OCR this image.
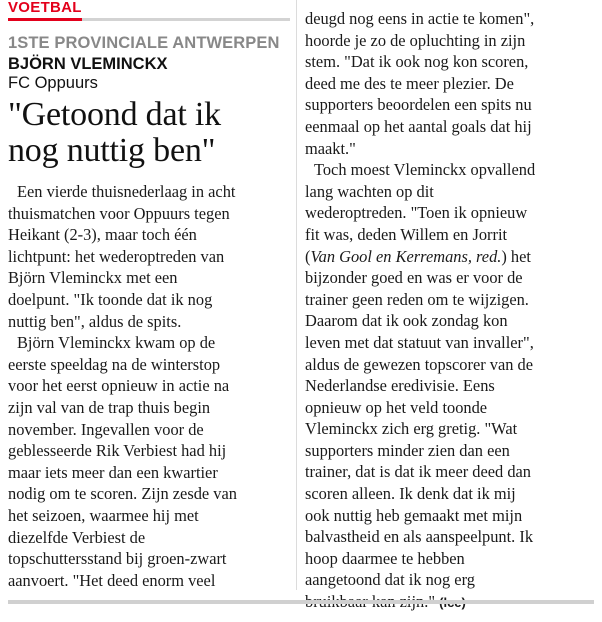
VOETBAL
1STE PROVINCIALE ANTWERPEN
BJÖRN VLEMINCKX
FC Oppuurs
"Getoond dat ik
nog nuttig ben"
Een vierde thuisnederlaag in acht
thuismatchen voor Oppuurs tegen
Heikant (2-3), maar toch één
lichtpunt: het wederoptreden van
Björn Vleminckx met een
doelpunt. "Ik toonde dat ik nog
nuttig ben", aldus de spits.
Björn Vleminckx kwam op de
eerste speeldag na de winterstop
voor het eerst opnieuw in actie na
zijn val van de trap thuis begin
november. Ingevallen voor de
geblesseerde Rik Verbiest had hij
maar iets meer dan een kwartier
nodig om te scoren. Zijn zesde van
het seizoen, waarmee hij met
diezelfde Verbiest de
topschuttersstand bij groen-zwart
aanvoert. "Het deed enorm veel
deugd nog eens in actie te komen",
hoorde je zo de opluchting in zijn
stem. "Dat ik ook nog kon scoren,
deed me des te meer plezier. De
supporters beoordelen een spits nu
eenmaal op het aantal goals dat hij
maakt."
Toch moest Vleminckx opvallend
lang wachten op dit
wederoptreden. "Toen ik opnieuw
fit was, deden Willem en Jorrit
(Van Gool en Kerremans, red.) het
bijzonder goed en was er voor de
trainer geen reden om te wijzigen.
Daarom dat ik ook zondag kon
leven met dat statuut van invaller",
aldus de gewezen topscorer van de
Nederlandse eredivisie. Eens
opnieuw op het veld toonde
Vleminckx zich erg gretig. "Wat
supporters minder zien dan een
trainer, dat is dat ik meer deed dan
scoren alleen. Ik denk dat ik mij
ook nuttig heb gemaakt met mijn
balvastheid en als aanspeelpunt. Ik
hoop daarmee te hebben
aangetoond dat ik nog erg
